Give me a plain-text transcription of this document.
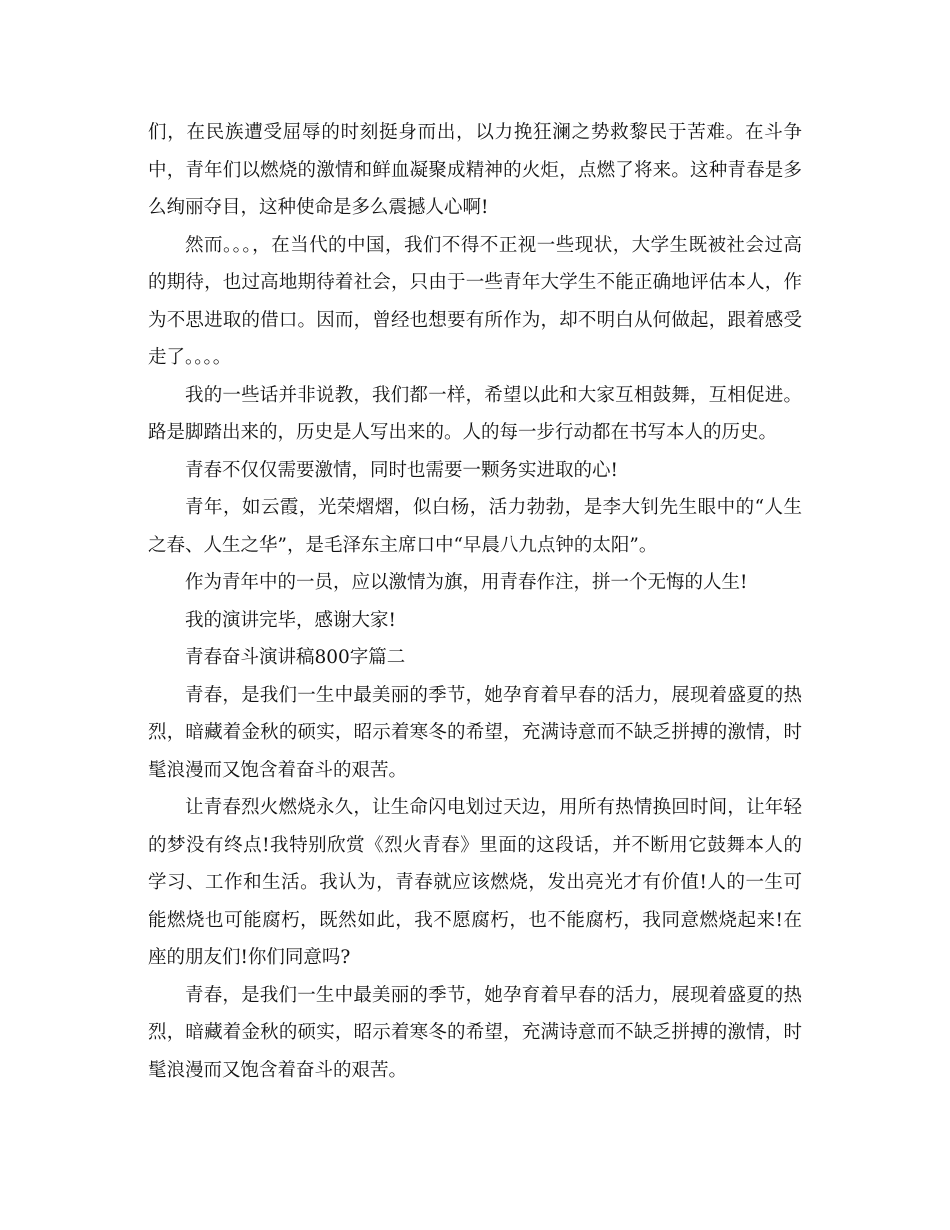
们，在民族遭受屈辱的时刻挺身而出，以力挽狂澜之势救黎民于苦难。在斗争中，青年们以燃烧的激情和鲜血凝聚成精神的火炬，点燃了将来。这种青春是多么绚丽夺目，这种使命是多么震撼人心啊!

然而。。。，在当代的中国，我们不得不正视一些现状，大学生既被社会过高的期待，也过高地期待着社会，只由于一些青年大学生不能正确地评估本人，作为不思进取的借口。因而，曾经也想要有所作为，却不明白从何做起，跟着感受走了。。。。

我的一些话并非说教，我们都一样，希望以此和大家互相鼓舞，互相促进。路是脚踏出来的，历史是人写出来的。人的每一步行动都在书写本人的历史。

青春不仅仅需要激情，同时也需要一颗务实进取的心!

青年，如云霞，光荣熠熠，似白杨，活力勃勃，是李大钊先生眼中的“人生之春、人生之华”，是毛泽东主席口中“早晨八九点钟的太阳”。

作为青年中的一员，应以激情为旗，用青春作注，拼一个无悔的人生!

我的演讲完毕，感谢大家!

青春奋斗演讲稿800字篇二

青春，是我们一生中最美丽的季节，她孕育着早春的活力，展现着盛夏的热烈，暗藏着金秋的硕实，昭示着寒冬的希望，充满诗意而不缺乏拼搏的激情，时髦浪漫而又饱含着奋斗的艰苦。

让青春烈火燃烧永久，让生命闪电划过天边，用所有热情换回时间，让年轻的梦没有终点!我特别欣赏《烈火青春》里面的这段话，并不断用它鼓舞本人的学习、工作和生活。我认为，青春就应该燃烧，发出亮光才有价值!人的一生可能燃烧也可能腐朽，既然如此，我不愿腐朽，也不能腐朽，我同意燃烧起来!在座的朋友们!你们同意吗?

青春，是我们一生中最美丽的季节，她孕育着早春的活力，展现着盛夏的热烈，暗藏着金秋的硕实，昭示着寒冬的希望，充满诗意而不缺乏拼搏的激情，时髦浪漫而又饱含着奋斗的艰苦。
